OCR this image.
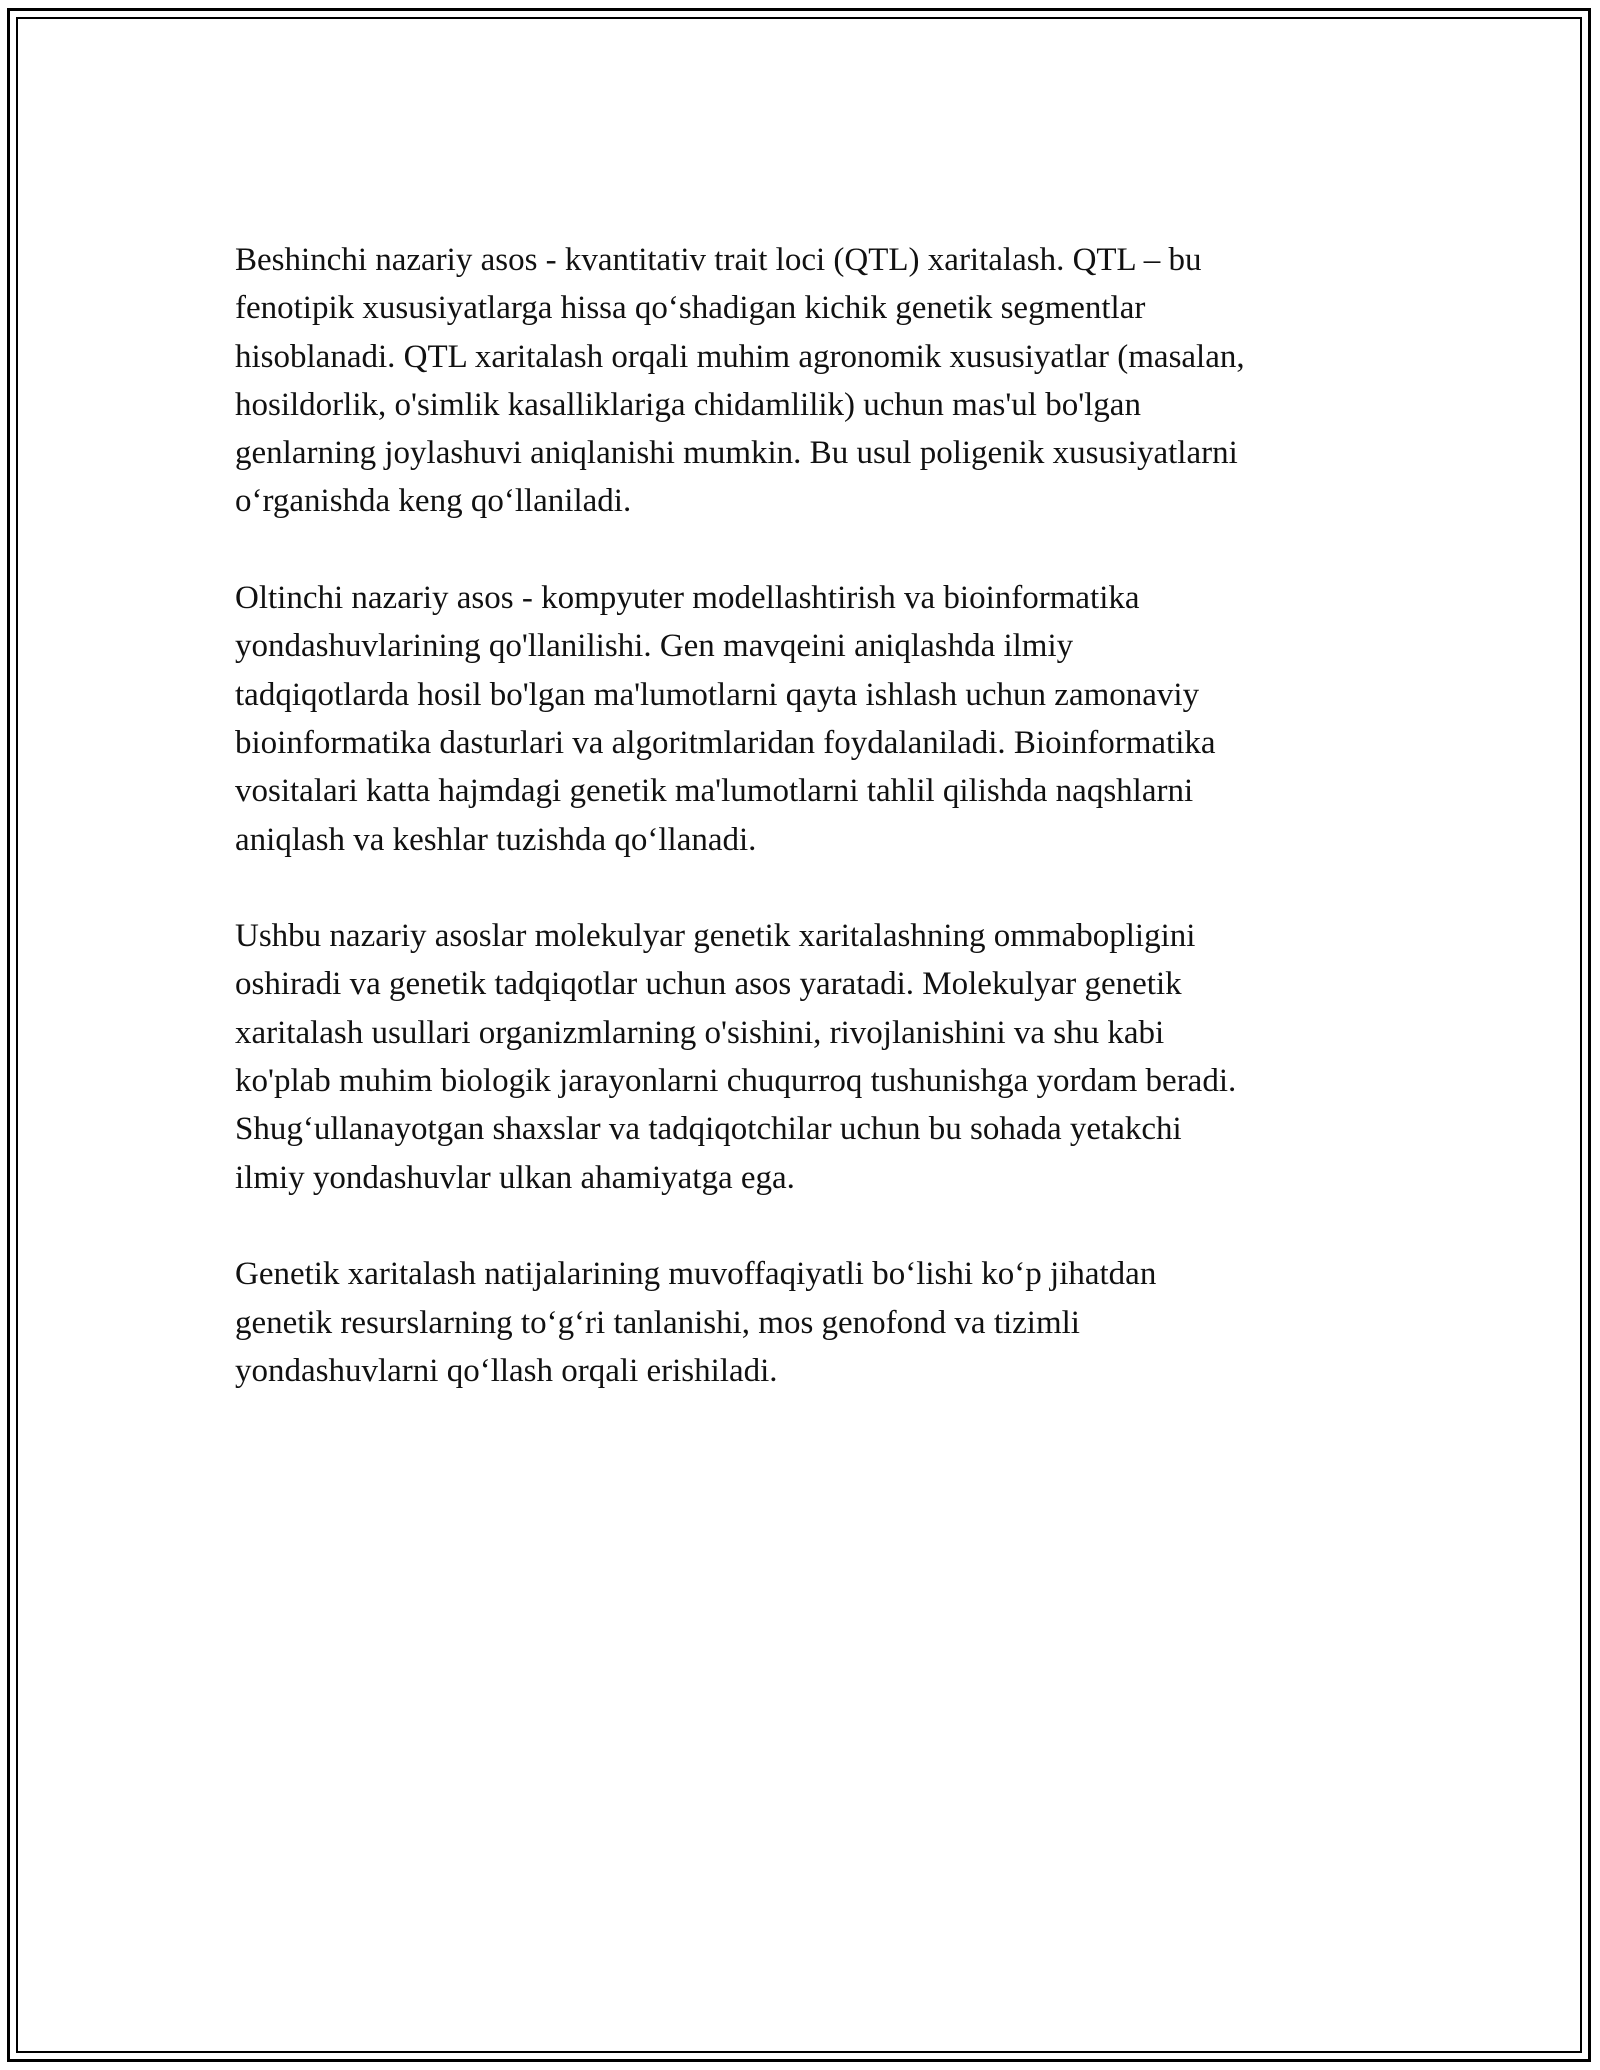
Beshinchi nazariy asos - kvantitativ trait loci (QTL) xaritalash. QTL – bu
fenotipik xususiyatlarga hissa qo‘shadigan kichik genetik segmentlar
hisoblanadi. QTL xaritalash orqali muhim agronomik xususiyatlar (masalan,
hosildorlik, o'simlik kasalliklariga chidamlilik) uchun mas'ul bo'lgan
genlarning joylashuvi aniqlanishi mumkin. Bu usul poligenik xususiyatlarni
o‘rganishda keng qo‘llaniladi.

Oltinchi nazariy asos - kompyuter modellashtirish va bioinformatika
yondashuvlarining qo'llanilishi. Gen mavqeini aniqlashda ilmiy
tadqiqotlarda hosil bo'lgan ma'lumotlarni qayta ishlash uchun zamonaviy
bioinformatika dasturlari va algoritmlaridan foydalaniladi. Bioinformatika
vositalari katta hajmdagi genetik ma'lumotlarni tahlil qilishda naqshlarni
aniqlash va keshlar tuzishda qo‘llanadi.

Ushbu nazariy asoslar molekulyar genetik xaritalashning ommabopligini
oshiradi va genetik tadqiqotlar uchun asos yaratadi. Molekulyar genetik
xaritalash usullari organizmlarning o'sishini, rivojlanishini va shu kabi
ko'plab muhim biologik jarayonlarni chuqurroq tushunishga yordam beradi.
Shug‘ullanayotgan shaxslar va tadqiqotchilar uchun bu sohada yetakchi
ilmiy yondashuvlar ulkan ahamiyatga ega.

Genetik xaritalash natijalarining muvoffaqiyatli bo‘lishi ko‘p jihatdan
genetik resurslarning to‘g‘ri tanlanishi, mos genofond va tizimli
yondashuvlarni qo‘llash orqali erishiladi.
